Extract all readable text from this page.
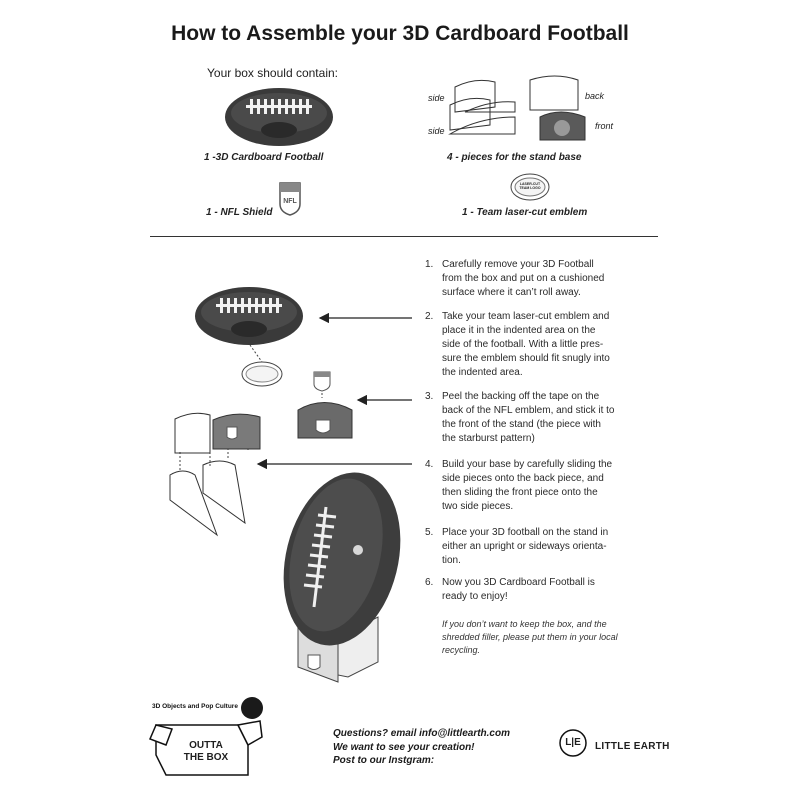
How to Assemble your 3D Cardboard Football
Your box should contain:
1 -3D Cardboard Football
side
side
back
front
4 - pieces for the stand base
NFL
1 - NFL Shield
LASER-CUT TEAM LOGO
1 - Team laser-cut emblem
1. Carefully remove your 3D Football
from the box and put on a cushioned
surface where it can’t roll away.
2. Take your team laser-cut emblem and
place it in the indented area on the
side of the football. With a little pres-
sure the emblem should fit snugly into
the indented area.
3. Peel the backing off the tape on the
back of the NFL emblem, and stick it to
the front of the stand (the piece with
the starburst pattern)
4. Build your base by carefully sliding the
side pieces onto the back piece, and
then sliding the front piece onto the
two side pieces.
5. Place your 3D football on the stand in
either an upright or sideways orienta-
tion.
6. Now you 3D Cardboard Football is
ready to enjoy!
If you don’t want to keep the box, and the
shredded filler, please put them in your local
recycling.
3D Objects and Pop Culture
OUTTA
THE BOX
Questions? email info@littlearth.com
We want to see your creation!
Post to our Instgram:
L|E	LITTLE EARTH
